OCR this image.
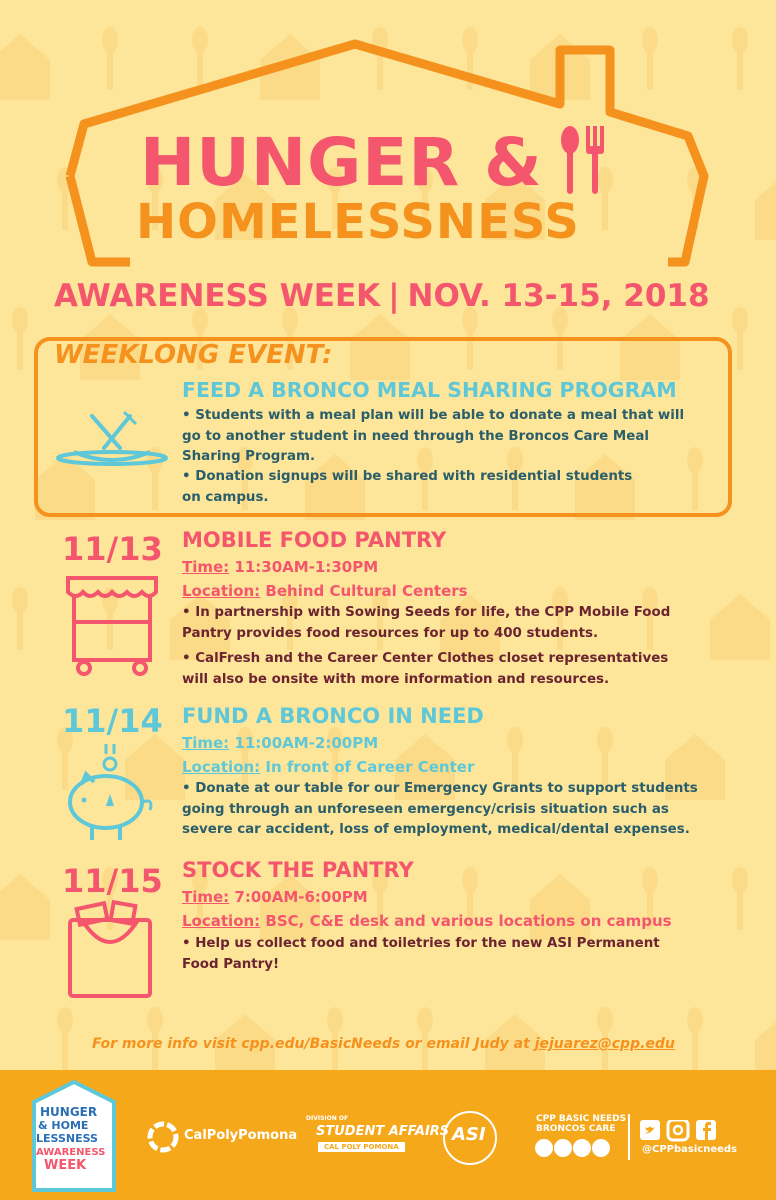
HUNGER &
HOMELESSNESS
AWARENESS WEEK | NOV. 13-15, 2018
WEEKLONG EVENT:
FEED A BRONCO MEAL SHARING PROGRAM
• Students with a meal plan will be able to donate a meal that will go to another student in need through the Broncos Care Meal Sharing Program.
• Donation signups will be shared with residential students on campus.
11/13 MOBILE FOOD PANTRY
Time: 11:30AM-1:30PM
Location: Behind Cultural Centers
• In partnership with Sowing Seeds for life, the CPP Mobile Food Pantry provides food resources for up to 400 students.
• CalFresh and the Career Center Clothes closet representatives will also be onsite with more information and resources.
11/14 FUND A BRONCO IN NEED
Time: 11:00AM-2:00PM
Location: In front of Career Center
• Donate at our table for our Emergency Grants to support students going through an unforeseen emergency/crisis situation such as severe car accident, loss of employment, medical/dental expenses.
11/15 STOCK THE PANTRY
Time: 7:00AM-6:00PM
Location: BSC, C&E desk and various locations on campus
• Help us collect food and toiletries for the new ASI Permanent Food Pantry!
For more info visit cpp.edu/BasicNeeds or email Judy at jejuarez@cpp.edu
HUNGER
& HOME
LESSNESS
AWARENESS
WEEK
CalPolyPomona
DIVISION OF
STUDENT AFFAIRS
CAL POLY POMONA
ASI
CPP BASIC NEEDS
BRONCOS CARE
@CPPbasicneeds
